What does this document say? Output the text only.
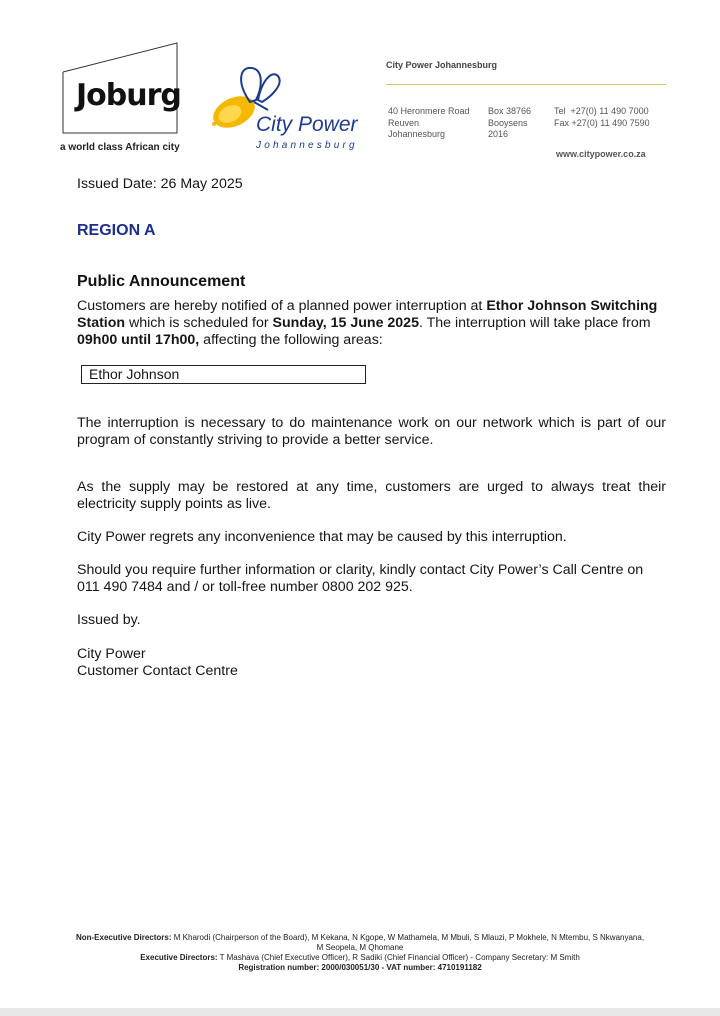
Joburg
a world class African city
City Power
Johannesburg
City Power Johannesburg
40 Heronmere Road
Reuven
Johannesburg
Box 38766
Booysens
2016
Tel  +27(0) 11 490 7000
Fax +27(0) 11 490 7590
www.citypower.co.za
Issued Date: 26 May 2025
REGION A
Public Announcement
Customers are hereby notified of a planned power interruption at Ethor Johnson Switching Station which is scheduled for Sunday, 15 June 2025. The interruption will take place from 09h00 until 17h00, affecting the following areas:
Ethor Johnson
The interruption is necessary to do maintenance work on our network which is part of our program of constantly striving to provide a better service.
As the supply may be restored at any time, customers are urged to always treat their electricity supply points as live.
City Power regrets any inconvenience that may be caused by this interruption.
Should you require further information or clarity, kindly contact City Power’s Call Centre on 011 490 7484 and / or toll-free number 0800 202 925.
Issued by.
City Power
Customer Contact Centre
Non-Executive Directors: M Kharodi (Chairperson of the Board), M Kekana, N Kgope, W Mathamela, M Mbuli, S Mlauzi, P Mokhele, N Mtembu, S Nkwanyana,
M Seopela, M Qhomane
Executive Directors: T Mashava (Chief Executive Officer), R Sadiki (Chief Financial Officer) - Company Secretary: M Smith
Registration number: 2000/030051/30 - VAT number: 4710191182
